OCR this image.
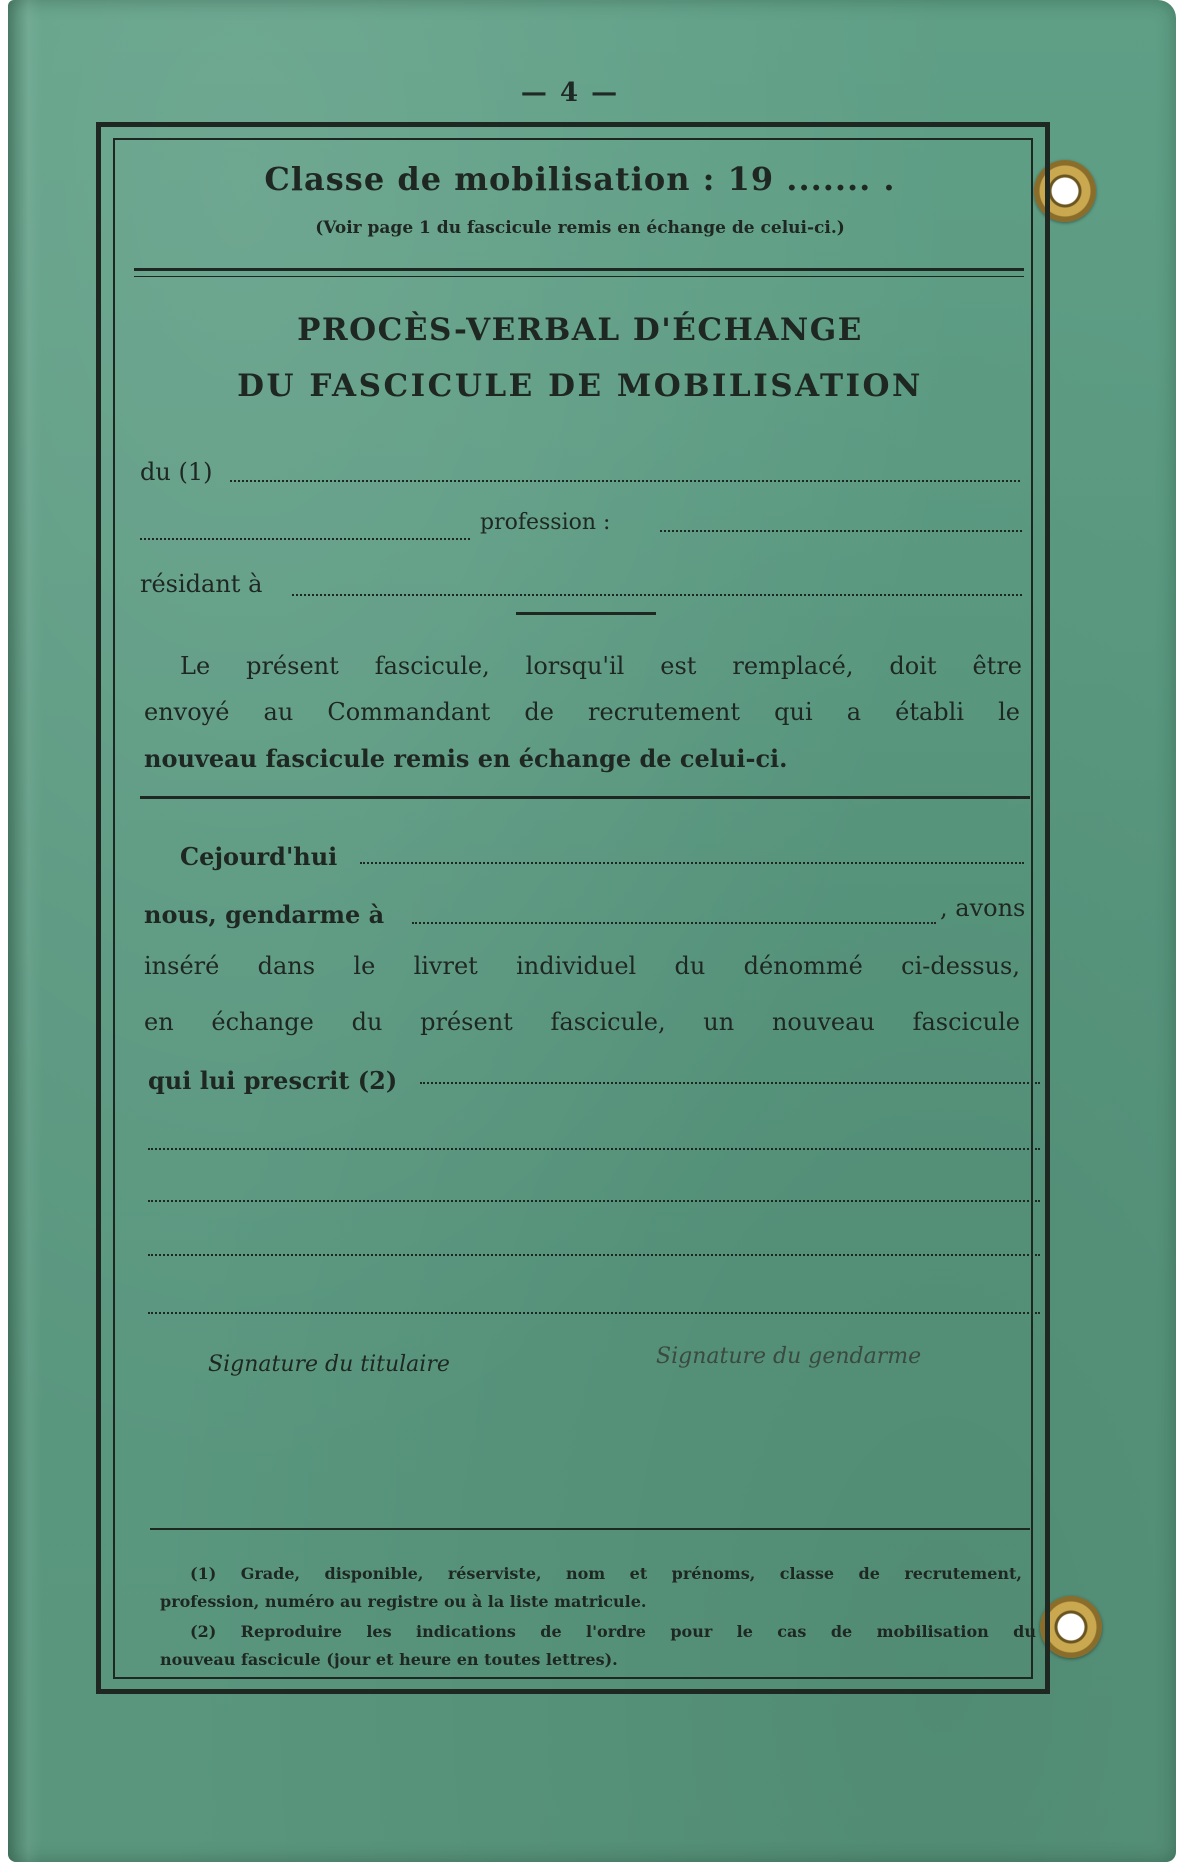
— 4 —
Classe de mobilisation : 19 ....... .
(Voir page 1 du fascicule remis en échange de celui-ci.)
PROCÈS-VERBAL D'ÉCHANGE
DU FASCICULE DE MOBILISATION
du (1)
profession :
résidant à
Le présent fascicule, lorsqu'il est remplacé, doit être
envoyé au Commandant de recrutement qui a établi le
nouveau fascicule remis en échange de celui-ci.
Cejourd'hui
nous, gendarme à	, avons
inséré dans le livret individuel du dénommé ci-dessus,
en échange du présent fascicule, un nouveau fascicule
qui lui prescrit (2)
Signature du titulaire	Signature du gendarme
(1) Grade, disponible, réserviste, nom et prénoms, classe de recrutement,
profession, numéro au registre ou à la liste matricule.
(2) Reproduire les indications de l'ordre pour le cas de mobilisation du
nouveau fascicule (jour et heure en toutes lettres).
